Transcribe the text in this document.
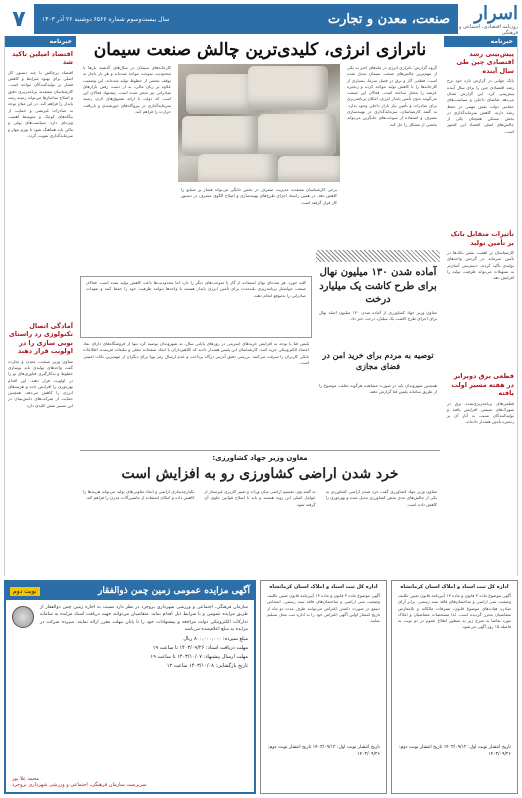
۷	صنعت، معدن و تجارت
سال بیست‌وسوم شماره ۶۵۶۶ دوشنبه ۲۶ آذر ۱۴۰۳	اسرار
روزنامه اقتصادی، اجتماعی و فرهنگی
خبرنامه
پیش‌بینی رشد اقتصادی چین طی سال آینده
بانک جهانی در گزارش تازه خود نرخ رشد اقتصادی چین را برای سال آینده پیش‌بینی کرد. این گزارش نشان می‌دهد تقاضای داخلی و سیاست‌های حمایتی دولت نقش مهمی در حفظ رشد دارند. کاهش سرمایه‌گذاری در بخش مسکن همچنان یکی از چالش‌های اصلی اقتصاد این کشور است.
تأثیرات متقابل بانک بر تأمین تولید
کارشناسان بر اهمیت نقش بانک‌ها در تأمین سرمایه در گردش واحدهای تولیدی تأکید کردند. دسترسی آسان‌تر به تسهیلات می‌تواند ظرفیت تولید را افزایش دهد.
قطعی برق دوبرابر در هفته مسیر اولت یافته
قطعی‌های برنامه‌ریزی‌شده برق در شهرک‌های صنعتی افزایش یافته و تولیدکنندگان نسبت به آثار آن بر زنجیره تأمین هشدار داده‌اند.
خبرنامه
اقتصاد امیلین تاکید شد
اقتصاد پرچالش با چند دستور کار اصلی برای بهبود شرایط و کاهش فشار بر تولیدکنندگان مواجه است. کارشناسان معتقدند برنامه‌ریزی دقیق و اصلاح ساختارها می‌تواند زمینه رشد پایدار را فراهم کند. در این میان توجه به صادرات غیرنفتی و حمایت از بنگاه‌های کوچک و متوسط اهمیت ویژه‌ای دارد. سیاست‌های پولی و مالی باید هماهنگ شود تا تورم مهار و سرمایه‌گذاری تقویت گردد.
آمادگی اتصال تکنولوژی رد راستای نوبی سازی را در اولویت قرار دهند
معاون وزیر صنعت، معدن و تجارت گفت واحدهای تولیدی باید نوسازی خطوط و به‌کارگیری فناوری‌های نو را در اولویت قرار دهند. این اقدام بهره‌وری را افزایش داده و هزینه‌های انرژی را کاهش می‌دهد. همچنین حمایت از شرکت‌های دانش‌بنیان در این مسیر نقش کلیدی دارد.
ناترازی انرژی، کلیدی‌ترین چالش صنعت سیمان
گروه گزارش: ناترازی انرژی در ماه‌های اخیر به یکی از مهم‌ترین چالش‌های صنعت سیمان تبدیل شده است. قطعی گاز و برق در فصل سرما، بسیاری از کارخانه‌ها را با کاهش تولید مواجه کرده و زنجیره عرضه را مختل ساخته است. فعالان این صنعت می‌گویند بدون تأمین پایدار انرژی، امکان برنامه‌ریزی برای صادرات و تأمین نیاز بازار داخلی وجود ندارد. به گفته کارشناسان، سرمایه‌گذاری در بهینه‌سازی مصرف و استفاده از سوخت‌های جایگزین می‌تواند بخشی از مشکل را حل کند.
کارخانه‌های سیمان در سال‌های گذشته بارها با محدودیت سوخت مواجه شده‌اند و هر بار ناچار به توقف بخشی از خطوط تولید شده‌اند. این وضعیت علاوه بر زیان مالی، به از دست رفتن بازارهای صادراتی نیز منجر شده است. پیشنهاد فعالان این است که دولت با ارائه مشوق‌های لازم، زمینه سرمایه‌گذاری در نیروگاه‌های خورشیدی و بازیافت حرارت را فراهم کند.
برخی کارشناسان معتقدند مدیریت مصرف در بخش خانگی می‌تواند فشار بر صنایع را کاهش دهد. در همین راستا، اجرای طرح‌های بهینه‌سازی و اصلاح الگوی مصرف در دستور کار قرار گرفته است.
آماده شدن ۱۳۰ میلیون نهال برای طرح کاشت یک میلیارد درخت
معاون وزیر جهاد کشاورزی از آماده شدن ۱۳۰ میلیون اصله نهال برای اجرای طرح کاشت یک میلیارد درخت خبر داد.
کلید خورد. هر شده‌ای توان استفاده از گاز یا سوخت‌های دیگر را دارد اما محدودیت‌ها باعث کاهش تولید شده است. فعالان صنعت خواستار برنامه‌ریزی بلندمدت برای تأمین انرژی پایدار هستند تا واحدها بتوانند ظرفیت خود را حفظ کنند و تعهدات صادراتی را به‌موقع انجام دهند.
توصیه به مردم برای خرید امن در فضای مجازی
پلیس فتا با توجه به افزایش خریدهای اینترنتی در روزهای پایانی سال، به شهروندان توصیه کرد تنها از فروشگاه‌های دارای نماد اعتماد الکترونیکی خرید کنند. کارشناسان این پلیس هشدار دادند که کلاهبرداران با ایجاد صفحات جعلی و تبلیغات فریبنده، اطلاعات بانکی کاربران را سرقت می‌کنند. بررسی دقیق آدرس درگاه پرداخت و عدم ارسال رمز پویا برای دیگران از مهم‌ترین نکات امنیتی است.
همچنین شهروندان باید در صورت مشاهده هرگونه تخلف، موضوع را از طریق سامانه پلیس فتا گزارش دهند.
معاون وزیر جهاد کشاورزی:
خرد شدن اراضی کشاورزی رو به افزایش است
معاون وزیر جهاد کشاورزی گفت خرد شدن اراضی کشاورزی به یکی از چالش‌های جدی بخش کشاورزی تبدیل شده و بهره‌وری را کاهش داده است.
به گفته وی، تقسیم اراضی میان وراث و تغییر کاربری غیرمجاز از عوامل اصلی این روند هستند و باید با اصلاح قوانین جلوی آن گرفته شود.
یکپارچه‌سازی اراضی و ایجاد تعاونی‌های تولید می‌تواند هزینه‌ها را کاهش داده و امکان استفاده از ماشین‌آلات مدرن را فراهم کند.
اداره کل ثبت اسناد و املاک استان کرمانشاه
آگهی موضوع ماده ۳ قانون و ماده ۱۳ آیین‌نامه قانون تعیین تکلیف وضعیت ثبتی اراضی و ساختمان‌های فاقد سند رسمی. برابر آرای صادره هیات‌های موضوع قانون، تصرفات مالکانه و بلامعارض متقاضیان محرز گردیده است. لذا مشخصات متقاضیان و املاک مورد تقاضا به شرح زیر به منظور اطلاع عموم در دو نوبت به فاصله ۱۵ روز آگهی می‌شود.
تاریخ انتشار نوبت اول: ۱۴۰۳/۰۹/۱۲ تاریخ انتشار نوبت دوم: ۱۴۰۳/۰۹/۲۶
اداره کل ثبت اسناد و املاک استان کرمانشاه
آگهی موضوع ماده ۳ قانون و ماده ۱۳ آیین‌نامه قانون تعیین تکلیف وضعیت ثبتی اراضی و ساختمان‌های فاقد سند رسمی. اشخاص ذینفع در صورت داشتن اعتراض می‌توانند ظرف مدت دو ماه از تاریخ انتشار اولین آگهی اعتراض خود را به اداره ثبت محل تسلیم نمایند.
تاریخ انتشار نوبت اول: ۱۴۰۳/۰۹/۱۲ تاریخ انتشار نوبت دوم: ۱۴۰۳/۰۹/۲۶
آگهی مزایده عمومی زمین چمن ذوالفقار
نوبت دوم
سازمان فرهنگی، اجتماعی و ورزشی شهرداری بروجرد در نظر دارد نسبت به اجاره زمین چمن ذوالفقار از طریق مزایده عمومی و با شرایط ذیل اقدام نماید. متقاضیان می‌توانند جهت دریافت اسناد مزایده به سامانه تدارکات الکترونیکی دولت مراجعه و پیشنهادات خود را تا پایان مهلت مقرر ارائه نمایند. سپرده شرکت در مزایده به مبلغ اعلام‌شده می‌باشد.
مبلغ سپرده: ۸۰۰,۰۰۰,۰۰۰ ریال
مهلت دریافت اسناد: ۱۴۰۳/۰۹/۲۶ تا ساعت ۱۹
مهلت ارسال پیشنهاد: ۱۴۰۳/۱۰/۰۷ تا ساعت ۱۹
تاریخ بازگشایی: ۱۴۰۳/۱۰/۰۸ ساعت ۱۲
محمد علا پور
سرپرست سازمان فرهنگی، اجتماعی و ورزشی شهرداری بروجرد
